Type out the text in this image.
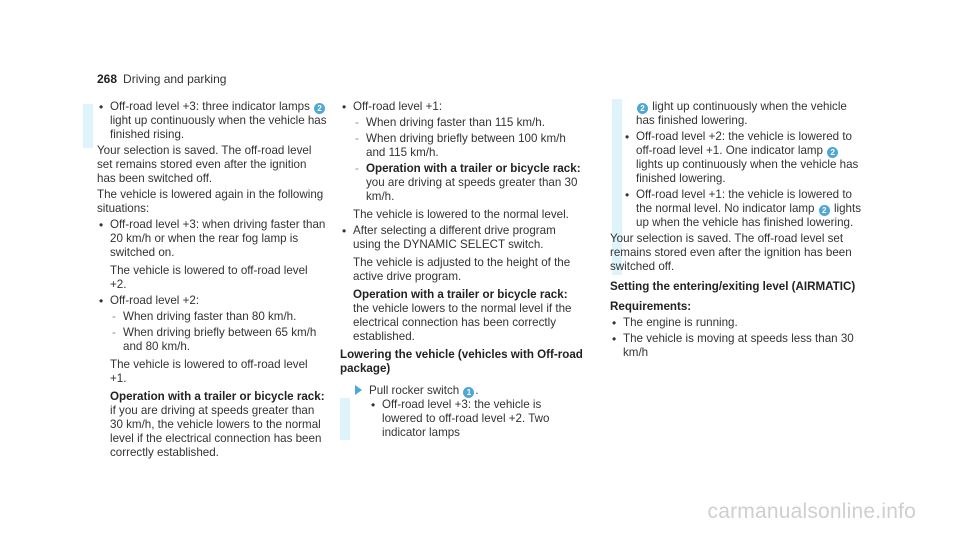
268 Driving and parking
• Off-road level +3: three indicator lamps 2 light up continuously when the vehicle has finished rising.

Your selection is saved. The off-road level set remains stored even after the ignition has been switched off.

The vehicle is lowered again in the following situations:

• Off-road level +3: when driving faster than 20 km/h or when the rear fog lamp is switched on.

The vehicle is lowered to off-road level +2.

• Off-road level +2:
- When driving faster than 80 km/h.
- When driving briefly between 65 km/h and 80 km/h.

The vehicle is lowered to off-road level +1.

Operation with a trailer or bicycle rack: if you are driving at speeds greater than 30 km/h, the vehicle lowers to the normal level if the electrical connection has been correctly established.

• Off-road level +1:
- When driving faster than 115 km/h.
- When driving briefly between 100 km/h and 115 km/h.
- Operation with a trailer or bicycle rack: you are driving at speeds greater than 30 km/h.

The vehicle is lowered to the normal level.

• After selecting a different drive program using the DYNAMIC SELECT switch.

The vehicle is adjusted to the height of the active drive program.

Operation with a trailer or bicycle rack: the vehicle lowers to the normal level if the electrical connection has been correctly established.

Lowering the vehicle (vehicles with Off-road package)

Pull rocker switch 1 .
• Off-road level +3: the vehicle is lowered to off-road level +2. Two indicator lamps

2 light up continuously when the vehicle has finished lowering.

• Off-road level +2: the vehicle is lowered to off-road level +1. One indicator lamp 2 lights up continuously when the vehicle has finished lowering.
• Off-road level +1: the vehicle is lowered to the normal level. No indicator lamp 2 lights up when the vehicle has finished lowering.

Your selection is saved. The off-road level set remains stored even after the ignition has been switched off.

Setting the entering/exiting level (AIRMATIC)

Requirements:

• The engine is running.
• The vehicle is moving at speeds less than 30 km/h
carmanualsonline.info
